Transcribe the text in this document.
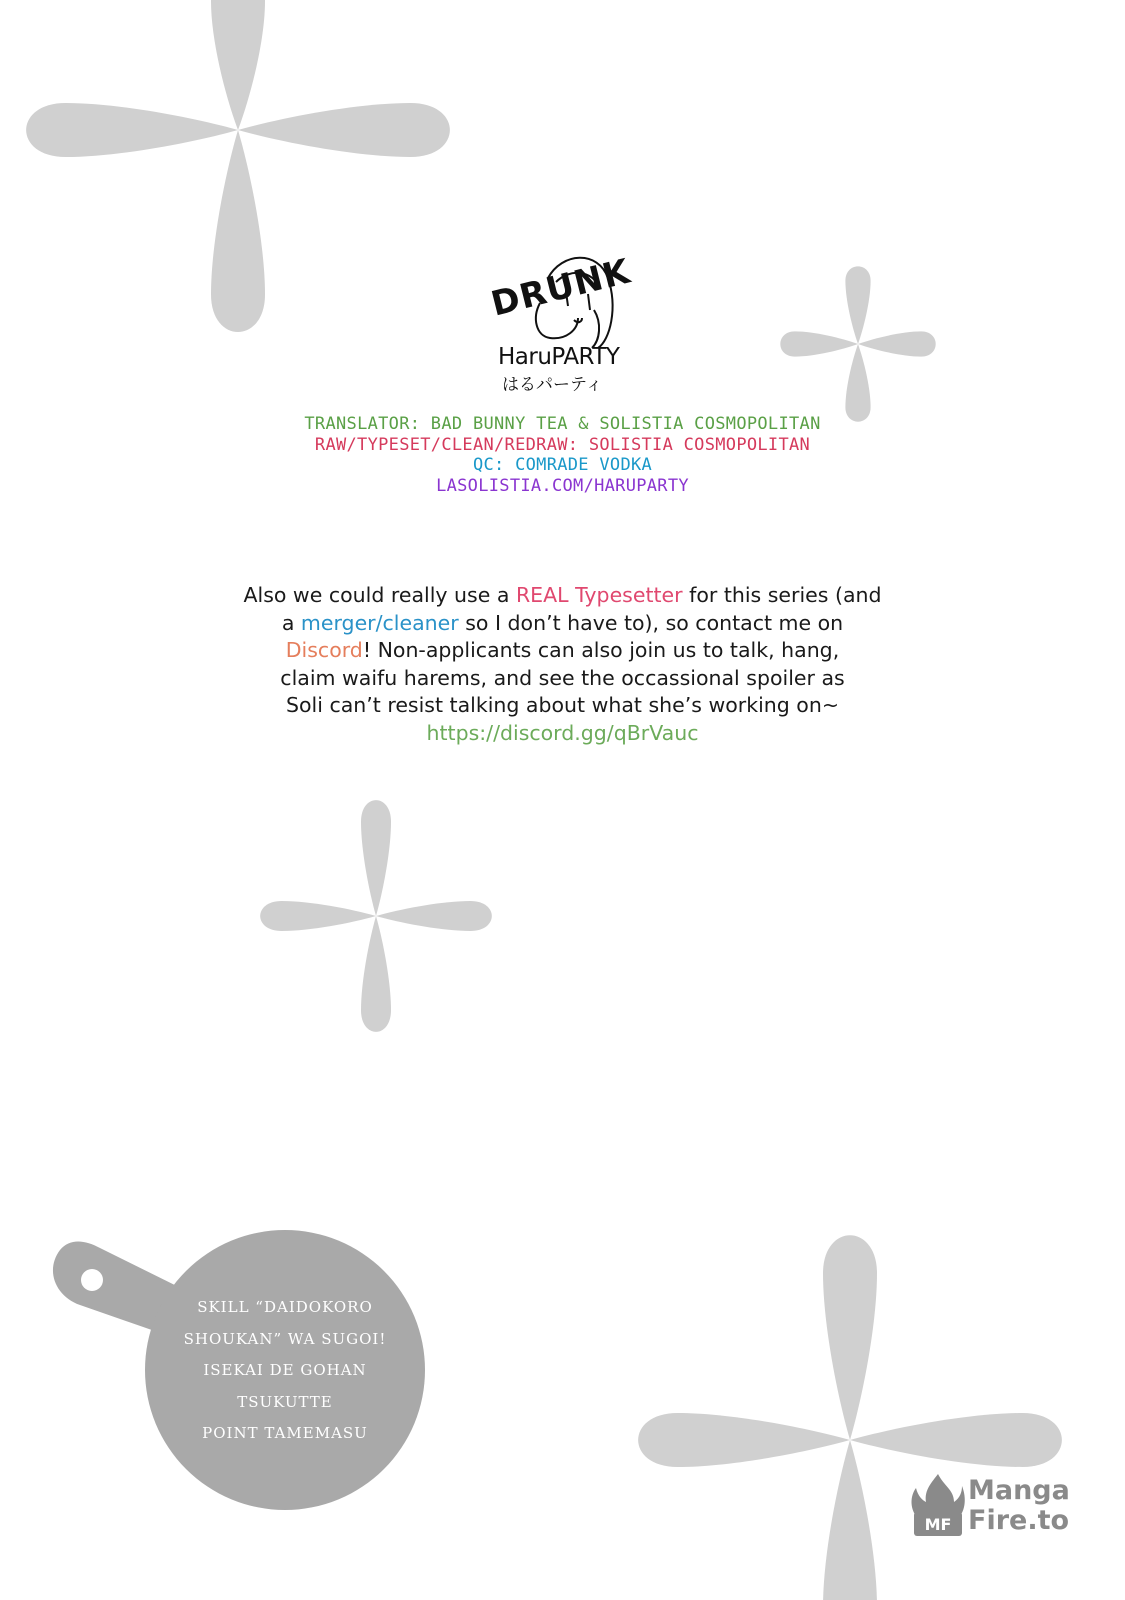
DRUNK
HaruPARTY
はるパーティ
TRANSLATOR: BAD BUNNY TEA & SOLISTIA COSMOPOLITAN
RAW/TYPESET/CLEAN/REDRAW: SOLISTIA COSMOPOLITAN
QC: COMRADE VODKA
LASOLISTIA.COM/HARUPARTY
Also we could really use a REAL Typesetter for this series (and
a merger/cleaner so I don’t have to), so contact me on
Discord! Non-applicants can also join us to talk, hang,
claim waifu harems, and see the occassional spoiler as
Soli can’t resist talking about what she’s working on~
https://discord.gg/qBrVauc
SKILL “DAIDOKORO
SHOUKAN” WA SUGOI!
ISEKAI DE GOHAN
TSUKUTTE
POINT TAMEMASU
MF
Manga
Fire.to
